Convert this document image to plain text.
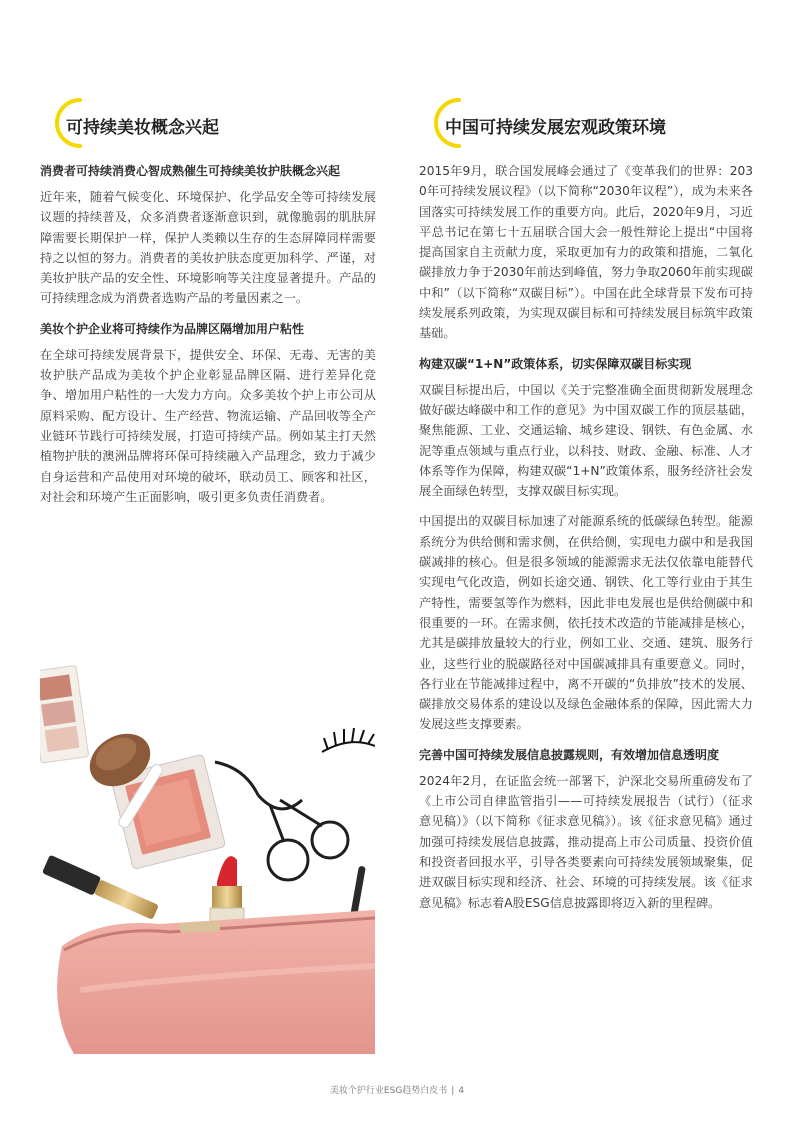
可持续美妆概念兴起

消费者可持续消费心智成熟催生可持续美妆护肤概念兴起

近年来，随着气候变化、环境保护、化学品安全等可持续发展议题的持续普及，众多消费者逐渐意识到，就像脆弱的肌肤屏障需要长期保护一样，保护人类赖以生存的生态屏障同样需要持之以恒的努力。消费者的美妆护肤态度更加科学、严谨，对美妆护肤产品的安全性、环境影响等关注度显著提升。产品的可持续理念成为消费者选购产品的考量因素之一。

美妆个护企业将可持续作为品牌区隔增加用户粘性

在全球可持续发展背景下，提供安全、环保、无毒、无害的美妆护肤产品成为美妆个护企业彰显品牌区隔、进行差异化竞争、增加用户粘性的一大发力方向。众多美妆个护上市公司从原料采购、配方设计、生产经营、物流运输、产品回收等全产业链环节践行可持续发展，打造可持续产品。例如某主打天然植物护肤的澳洲品牌将环保可持续融入产品理念，致力于减少自身运营和产品使用对环境的破坏，联动员工、顾客和社区，对社会和环境产生正面影响，吸引更多负责任消费者。

中国可持续发展宏观政策环境

2015年9月，联合国发展峰会通过了《变革我们的世界：2030年可持续发展议程》（以下简称“2030年议程”），成为未来各国落实可持续发展工作的重要方向。此后，2020年9月，习近平总书记在第七十五届联合国大会一般性辩论上提出“中国将提高国家自主贡献力度，采取更加有力的政策和措施，二氧化碳排放力争于2030年前达到峰值，努力争取2060年前实现碳中和”（以下简称“双碳目标”）。中国在此全球背景下发布可持续发展系列政策，为实现双碳目标和可持续发展目标筑牢政策基础。

构建双碳“1+N”政策体系，切实保障双碳目标实现

双碳目标提出后，中国以《关于完整准确全面贯彻新发展理念做好碳达峰碳中和工作的意见》为中国双碳工作的顶层基础，聚焦能源、工业、交通运输、城乡建设、钢铁、有色金属、水泥等重点领域与重点行业，以科技、财政、金融、标准、人才体系等作为保障，构建双碳“1+N”政策体系，服务经济社会发展全面绿色转型，支撑双碳目标实现。

中国提出的双碳目标加速了对能源系统的低碳绿色转型。能源系统分为供给侧和需求侧，在供给侧，实现电力碳中和是我国碳减排的核心。但是很多领域的能源需求无法仅依靠电能替代实现电气化改造，例如长途交通、钢铁、化工等行业由于其生产特性，需要氢等作为燃料，因此非电发展也是供给侧碳中和很重要的一环。在需求侧，依托技术改造的节能减排是核心，尤其是碳排放量较大的行业，例如工业、交通、建筑、服务行业，这些行业的脱碳路径对中国碳减排具有重要意义。同时，各行业在节能减排过程中，离不开碳的“负排放”技术的发展、碳排放交易体系的建设以及绿色金融体系的保障，因此需大力发展这些支撑要素。

完善中国可持续发展信息披露规则，有效增加信息透明度

2024年2月，在证监会统一部署下，沪深北交易所重磅发布了《上市公司自律监管指引——可持续发展报告（试行）（征求意见稿）》（以下简称《征求意见稿》）。该《征求意见稿》通过加强可持续发展信息披露，推动提高上市公司质量、投资价值和投资者回报水平，引导各类要素向可持续发展领域聚集，促进双碳目标实现和经济、社会、环境的可持续发展。该《征求意见稿》标志着A股ESG信息披露即将迈入新的里程碑。

美妆个护行业ESG趋势白皮书 | 4
